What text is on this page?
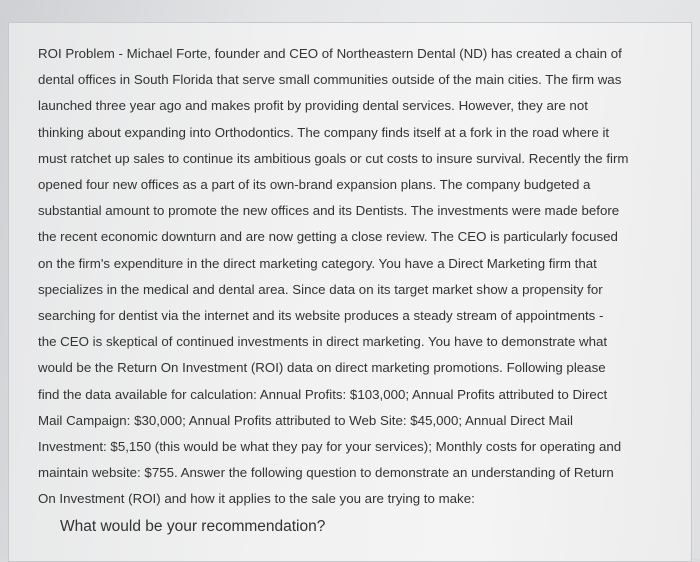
ROI Problem - Michael Forte, founder and CEO of Northeastern Dental (ND) has created a chain of
dental offices in South Florida that serve small communities outside of the main cities. The firm was
launched three year ago and makes profit by providing dental services. However, they are not
thinking about expanding into Orthodontics. The company finds itself at a fork in the road where it
must ratchet up sales to continue its ambitious goals or cut costs to insure survival. Recently the firm
opened four new offices as a part of its own-brand expansion plans. The company budgeted a
substantial amount to promote the new offices and its Dentists. The investments were made before
the recent economic downturn and are now getting a close review. The CEO is particularly focused
on the firm's expenditure in the direct marketing category. You have a Direct Marketing firm that
specializes in the medical and dental area. Since data on its target market show a propensity for
searching for dentist via the internet and its website produces a steady stream of appointments -
the CEO is skeptical of continued investments in direct marketing. You have to demonstrate what
would be the Return On Investment (ROI) data on direct marketing promotions. Following please
find the data available for calculation: Annual Profits: $103,000; Annual Profits attributed to Direct
Mail Campaign: $30,000; Annual Profits attributed to Web Site: $45,000; Annual Direct Mail
Investment: $5,150 (this would be what they pay for your services); Monthly costs for operating and
maintain website: $755. Answer the following question to demonstrate an understanding of Return
On Investment (ROI) and how it applies to the sale you are trying to make:

What would be your recommendation?
